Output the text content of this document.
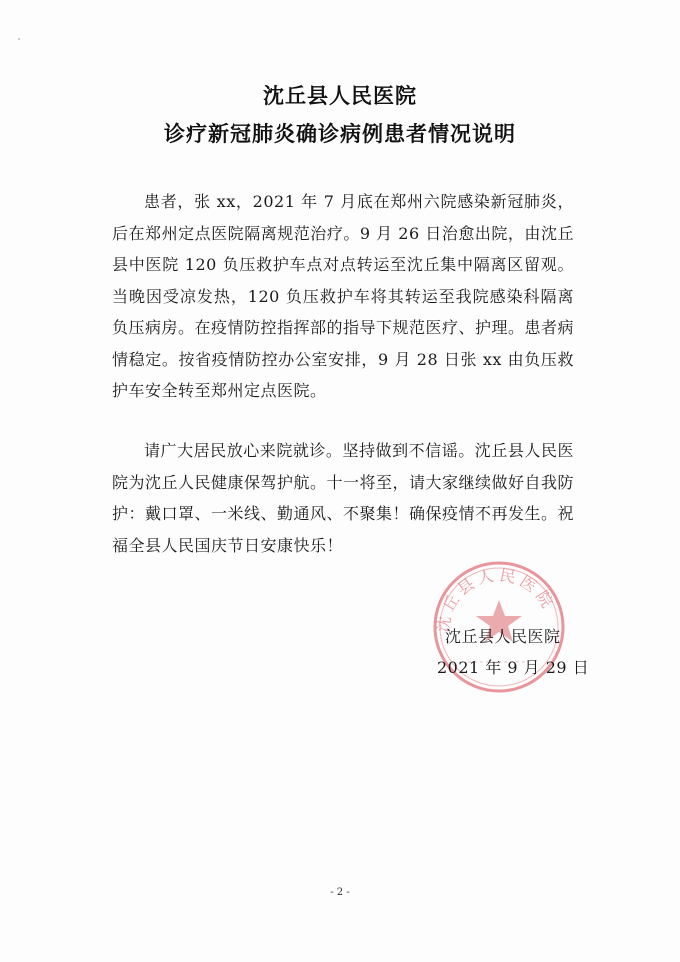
沈丘县人民医院
诊疗新冠肺炎确诊病例患者情况说明

患者，张 xx，2021 年 7 月底在郑州六院感染新冠肺炎，后在郑州定点医院隔离规范治疗。9 月 26 日治愈出院，由沈丘县中医院 120 负压救护车点对点转运至沈丘集中隔离区留观。当晚因受凉发热，120 负压救护车将其转运至我院感染科隔离负压病房。在疫情防控指挥部的指导下规范医疗、护理。患者病情稳定。按省疫情防控办公室安排，9 月 28 日张 xx 由负压救护车安全转至郑州定点医院。

请广大居民放心来院就诊。坚持做到不信谣。沈丘县人民医院为沈丘人民健康保驾护航。十一将至，请大家继续做好自我防护：戴口罩、一米线、勤通风、不聚集！确保疫情不再发生。祝福全县人民国庆节日安康快乐！

沈丘县人民医院

沈丘县人民医院

2021 年 9 月 29 日

- 2 -
